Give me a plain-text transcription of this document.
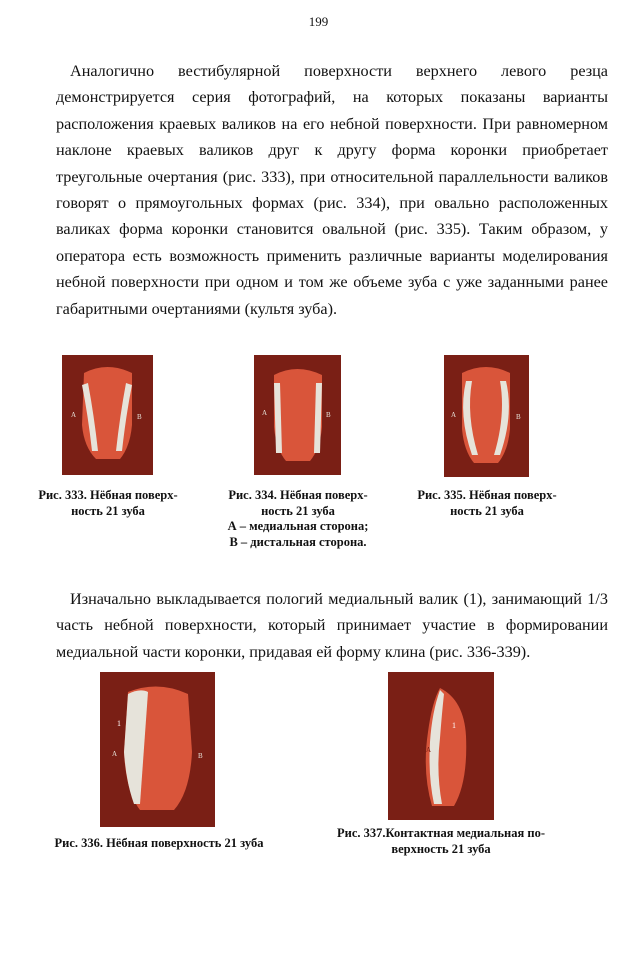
199

Аналогично вестибулярной поверхности верхнего левого резца демонстрируется серия фотографий, на которых показаны варианты расположения краевых валиков на его небной поверхности. При равномерном наклоне краевых валиков друг к другу форма коронки приобретает треугольные очертания (рис. 333), при относительной параллельности валиков говорят о прямоугольных формах (рис. 334), при овально расположенных валиках форма коронки становится овальной (рис. 335). Таким образом, у оператора есть возможность применить различные варианты моделирования небной поверхности при одном и том же объеме зуба с уже заданными ранее габаритными очертаниями (культя зуба).

A	B
Рис. 333. Нёбная поверх-
ность 21 зуба
A	B
Рис. 334. Нёбная поверх-
ность 21 зуба
А – медиальная сторона;
В – дистальная сторона.
A	B
Рис. 335. Нёбная поверх-
ность 21 зуба

Изначально выкладывается пологий медиальный валик (1), занимающий 1/3 часть небной поверхности, который принимает участие в формировании медиальной части коронки, придавая ей форму клина (рис. 336-339).

1
A	B
Рис. 336. Нёбная поверхность 21 зуба
1
A
Рис. 337.Контактная медиальная по-
верхность 21 зуба
